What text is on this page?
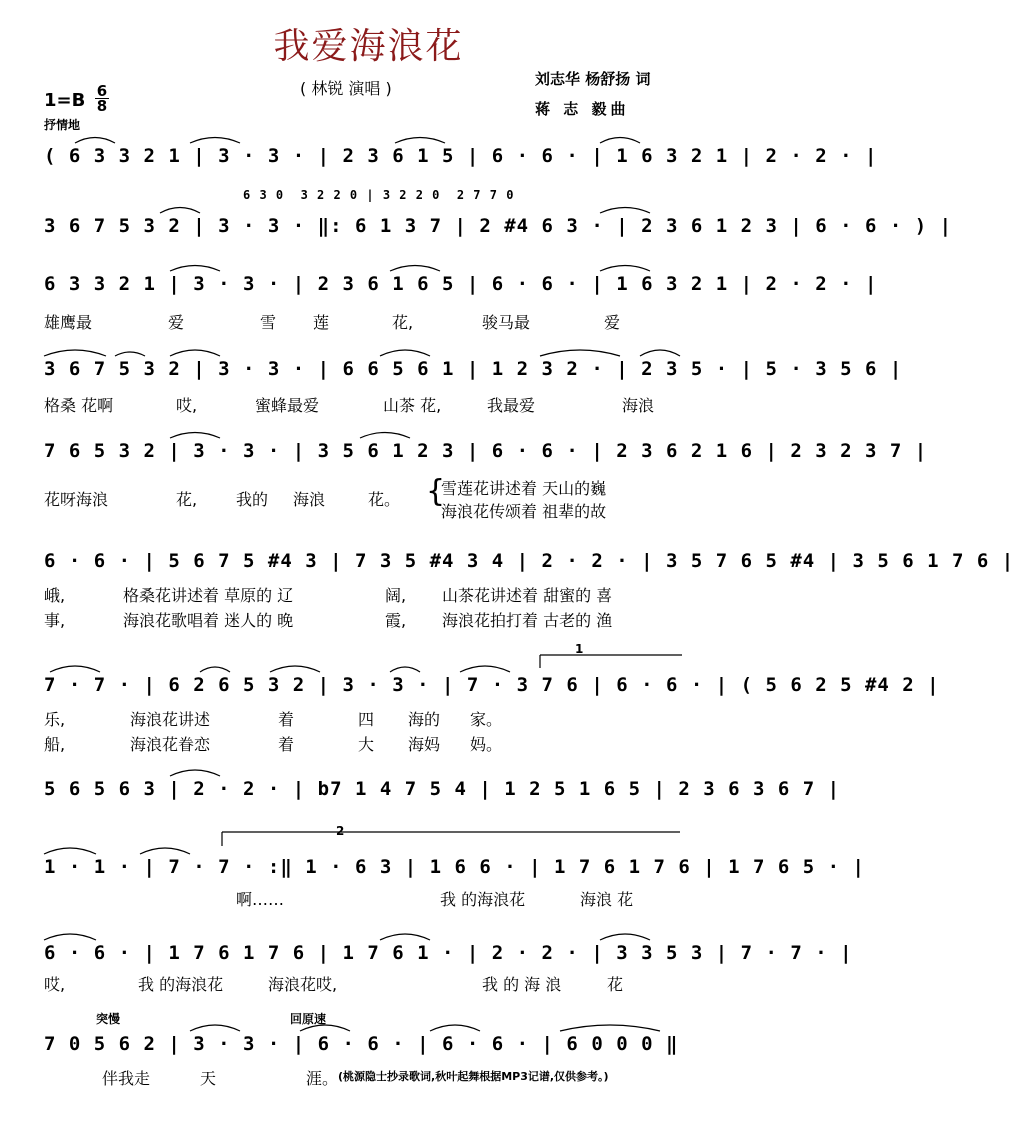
我爱海浪花
( 林锐 演唱 )	刘志华 杨舒扬 词
蒋 志 毅曲
1=B 6
8
抒情地
( 6 3 3 2 1 | 3 · 3 · | 2 3 6 1 5 | 6 · 6 · | 1 6 3 2 1 | 2 · 2 · |
6 3 0  3 2 2 0 | 3 2 2 0  2 7 7 0
3 6 7 5 3 2 | 3 · 3 · ‖: 6 1 3 7 | 2 #4 6 3 · | 2 3 6 1 2 3 | 6 · 6 · ) |
6 3 3 2 1 | 3 · 3 · | 2 3 6 1 6 5 | 6 · 6 · | 1 6 3 2 1 | 2 · 2 · |
雄鹰最	爱	雪 莲	花,	骏马最	爱
3 6 7 5 3 2 | 3 · 3 · | 6 6 5 6 1 | 1 2 3 2 · | 2 3 5 · | 5 · 3 5 6 |
格桑 花啊	哎,	蜜蜂最爱	山茶 花,	我最爱	海浪
7 6 5 3 2 | 3 · 3 · | 3 5 6 1 2 3 | 6 · 6 · | 2 3 6 2 1 6 | 2 3 2 3 7 |
花呀海浪	花, 我的 海浪	花。 {
雪莲花讲述着 天山的巍
海浪花传颂着 祖辈的故
6 · 6 · | 5 6 7 5 #4 3 | 7 3 5 #4 3 4 | 2 · 2 · | 3 5 7 6 5 #4 | 3 5 6 1 7 6 |
峨,	格桑花讲述着 草原的 辽	阔, 山茶花讲述着 甜蜜的 喜
事,	海浪花歌唱着 迷人的 晚	霞, 海浪花拍打着 古老的 渔
1
7 · 7 · | 6 2 6 5 3 2 | 3 · 3 · | 7 · 3 7 6 | 6 · 6 · | ( 5 6 2 5 #4 2 |
乐,	海浪花讲述	着	四 海的 家。
船,	海浪花眷恋	着	大 海妈 妈。
5 6 5 6 3 | 2 · 2 · | b7 1 4 7 5 4 | 1 2 5 1 6 5 | 2 3 6 3 6 7 |
2
1 · 1 · | 7 · 7 · :‖ 1 · 6 3 | 1 6 6 · | 1 7 6 1 7 6 | 1 7 6 5 · |
啊……	我 的海浪花	海浪 花
6 · 6 · | 1 7 6 1 7 6 | 1 7 6 1 · | 2 · 2 · | 3 3 5 3 | 7 · 7 · |
哎,	我 的海浪花	海浪花哎,	我 的 海 浪	花
突慢	回原速
7 0 5 6 2 | 3 · 3 · | 6 · 6 · | 6 · 6 · | 6 0 0 0 ‖
伴我走	天	涯。 (桃源隐士抄录歌词,秋叶起舞根据MP3记谱,仅供参考。)
